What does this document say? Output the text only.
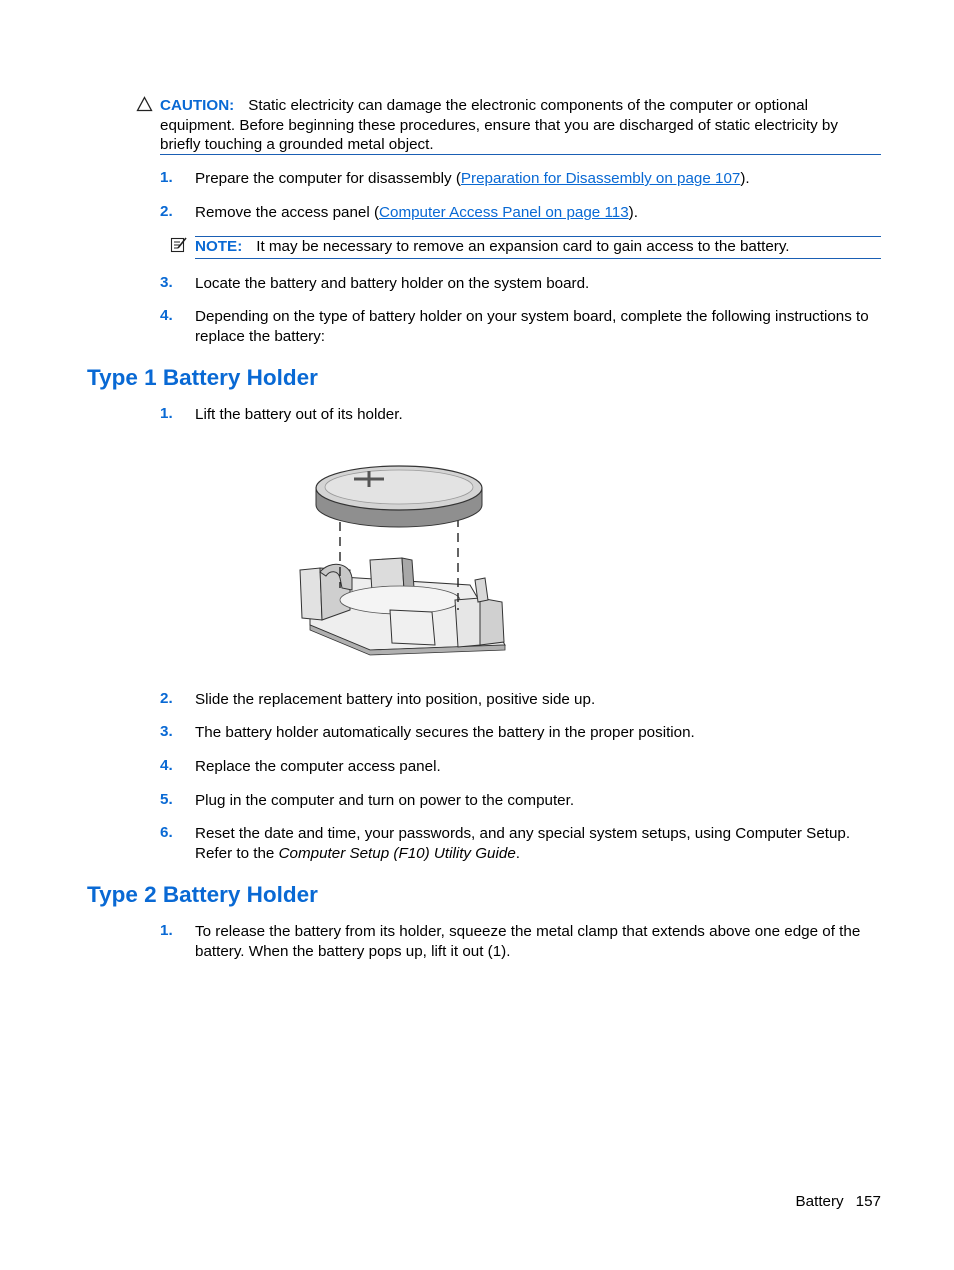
CAUTION: Static electricity can damage the electronic components of the computer or optional equipment. Before beginning these procedures, ensure that you are discharged of static electricity by briefly touching a grounded metal object.
1.	Prepare the computer for disassembly (Preparation for Disassembly on page 107).
2.	Remove the access panel (Computer Access Panel on page 113).
NOTE: It may be necessary to remove an expansion card to gain access to the battery.
3.	Locate the battery and battery holder on the system board.
4.	Depending on the type of battery holder on your system board, complete the following instructions to replace the battery:
Type 1 Battery Holder
1.	Lift the battery out of its holder.
2.	Slide the replacement battery into position, positive side up.
3.	The battery holder automatically secures the battery in the proper position.
4.	Replace the computer access panel.
5.	Plug in the computer and turn on power to the computer.
6.	Reset the date and time, your passwords, and any special system setups, using Computer Setup. Refer to the Computer Setup (F10) Utility Guide.
Type 2 Battery Holder
1.	To release the battery from its holder, squeeze the metal clamp that extends above one edge of the battery. When the battery pops up, lift it out (1).
Battery 157
